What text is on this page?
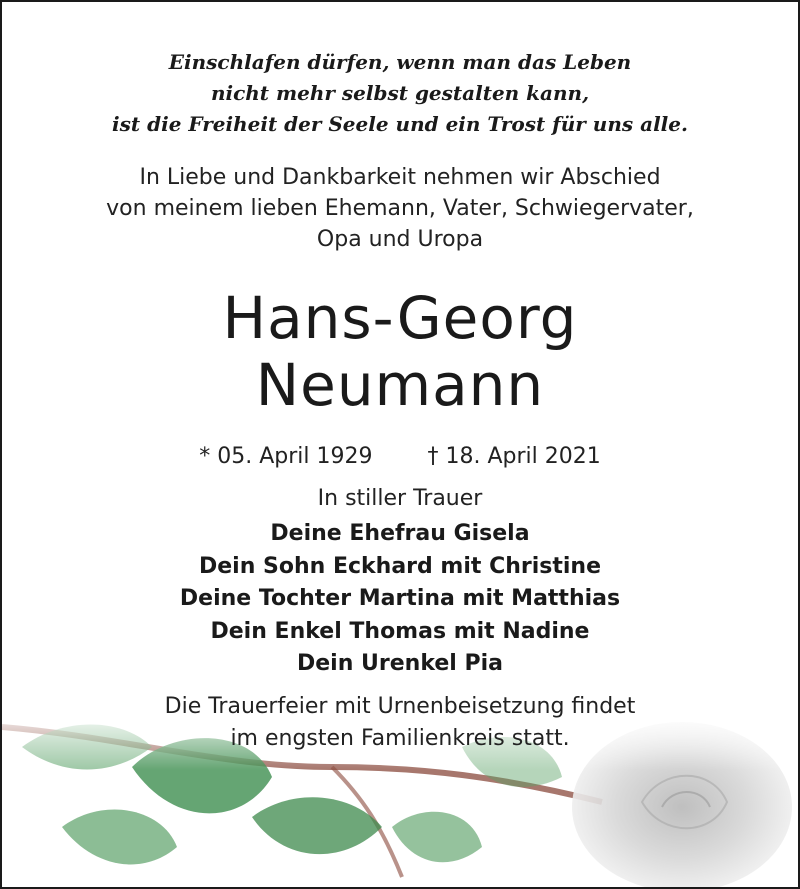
Einschlafen dürfen, wenn man das Leben
nicht mehr selbst gestalten kann,
ist die Freiheit der Seele und ein Trost für uns alle.
In Liebe und Dankbarkeit nehmen wir Abschied
von meinem lieben Ehemann, Vater, Schwiegervater,
Opa und Uropa
Hans-Georg
Neumann
* 05. April 1929	† 18. April 2021
In stiller Trauer
Deine Ehefrau Gisela
Dein Sohn Eckhard mit Christine
Deine Tochter Martina mit Matthias
Dein Enkel Thomas mit Nadine
Dein Urenkel Pia
Die Trauerfeier mit Urnenbeisetzung findet
im engsten Familienkreis statt.
